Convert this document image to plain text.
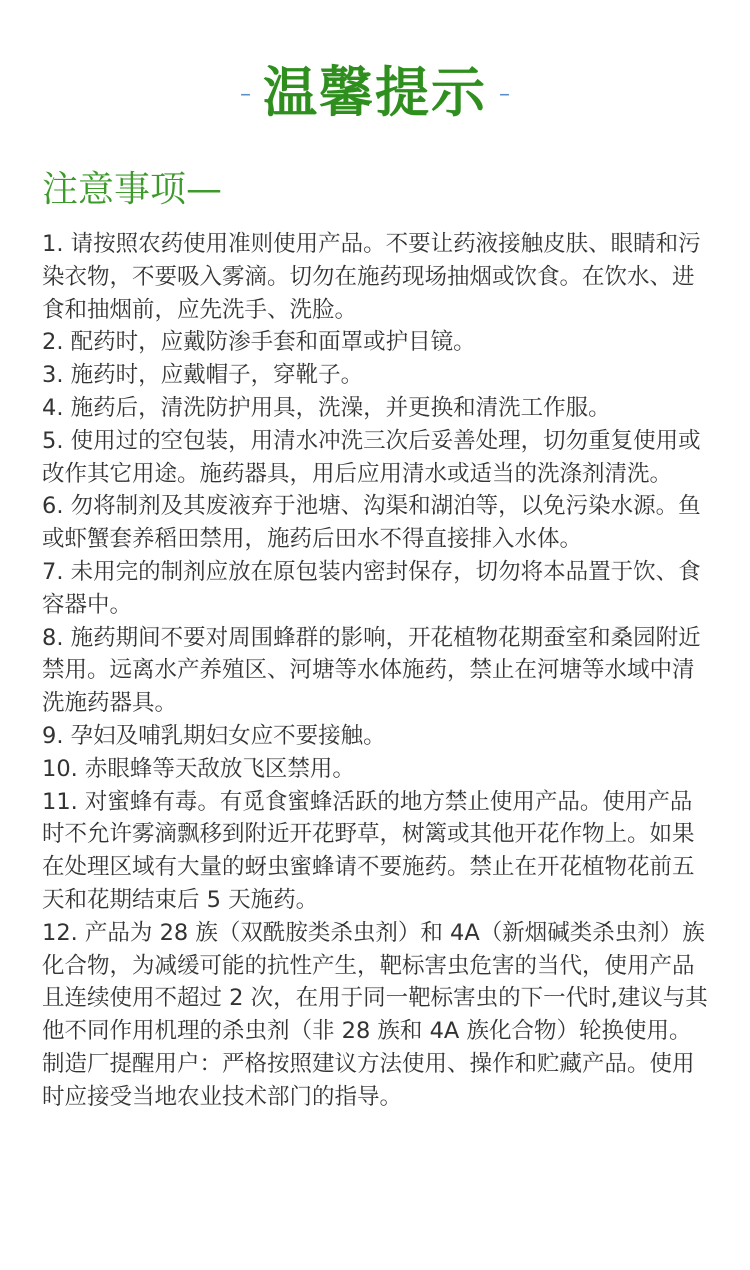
– 温馨提示 –
注意事项—

1. 请按照农药使用准则使用产品。不要让药液接触皮肤、眼睛和污染衣物，不要吸入雾滴。切勿在施药现场抽烟或饮食。在饮水、进食和抽烟前，应先洗手、洗脸。

2. 配药时，应戴防渗手套和面罩或护目镜。

3. 施药时，应戴帽子，穿靴子。

4. 施药后，清洗防护用具，洗澡，并更换和清洗工作服。

5. 使用过的空包装，用清水冲洗三次后妥善处理，切勿重复使用或改作其它用途。施药器具，用后应用清水或适当的洗涤剂清洗。

6. 勿将制剂及其废液弃于池塘、沟渠和湖泊等，以免污染水源。鱼或虾蟹套养稻田禁用，施药后田水不得直接排入水体。

7. 未用完的制剂应放在原包装内密封保存，切勿将本品置于饮、食容器中。

8. 施药期间不要对周围蜂群的影响，开花植物花期蚕室和桑园附近禁用。远离水产养殖区、河塘等水体施药，禁止在河塘等水域中清洗施药器具。

9. 孕妇及哺乳期妇女应不要接触。

10. 赤眼蜂等天敌放飞区禁用。

11. 对蜜蜂有毒。有觅食蜜蜂活跃的地方禁止使用产品。使用产品时不允许雾滴飘移到附近开花野草，树篱或其他开花作物上。如果在处理区域有大量的蚜虫蜜蜂请不要施药。禁止在开花植物花前五天和花期结束后 5 天施药。

12. 产品为 28 族（双酰胺类杀虫剂）和 4A（新烟碱类杀虫剂）族化合物，为减缓可能的抗性产生，靶标害虫危害的当代，使用产品且连续使用不超过 2 次，在用于同一靶标害虫的下一代时,建议与其他不同作用机理的杀虫剂（非 28 族和 4A 族化合物）轮换使用。制造厂提醒用户：严格按照建议方法使用、操作和贮藏产品。使用时应接受当地农业技术部门的指导。
